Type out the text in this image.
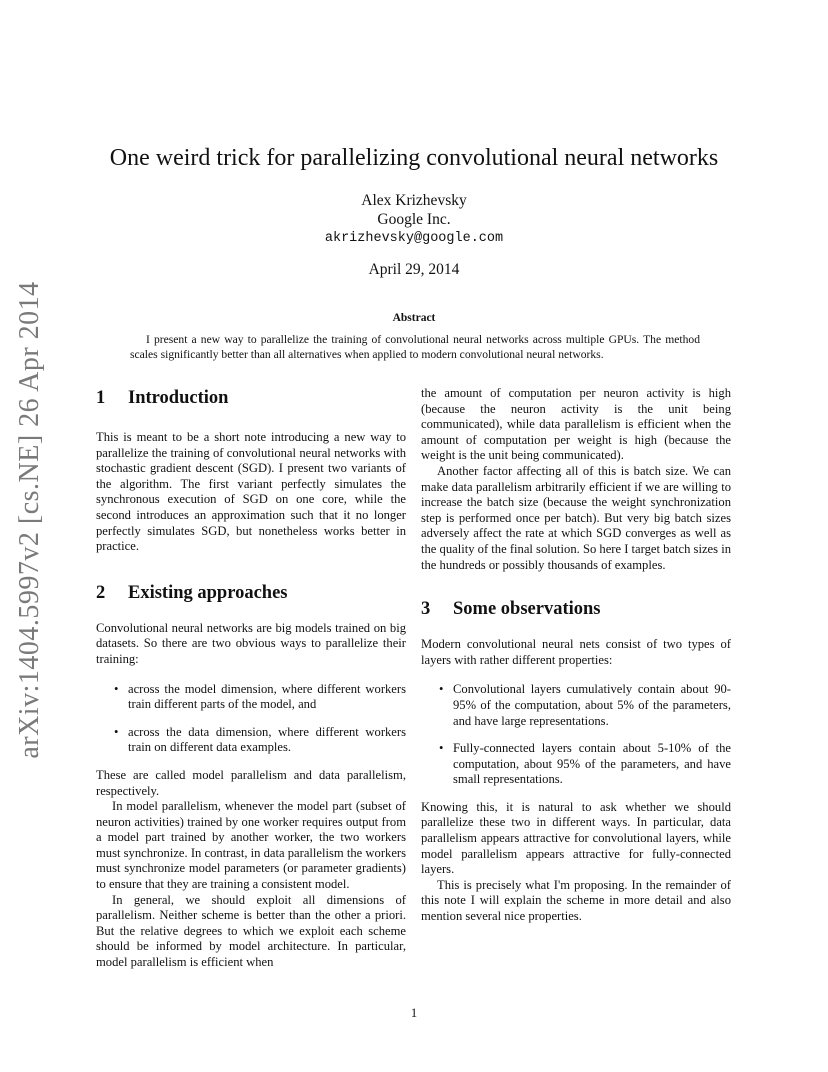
arXiv:1404.5997v2 [cs.NE] 26 Apr 2014
One weird trick for parallelizing convolutional neural networks
Alex Krizhevsky
Google Inc.
akrizhevsky@google.com
April 29, 2014
Abstract

I present a new way to parallelize the training of convolutional neural networks across multiple GPUs. The method scales significantly better than all alternatives when applied to modern convolutional neural networks.

1	Introduction

This is meant to be a short note introducing a new way to parallelize the training of convolutional neural networks with stochastic gradient descent (SGD). I present two variants of the algorithm. The first variant perfectly simulates the synchronous execution of SGD on one core, while the second introduces an approximation such that it no longer perfectly simulates SGD, but nonetheless works better in practice.

2	Existing approaches

Convolutional neural networks are big models trained on big datasets. So there are two obvious ways to parallelize their training:

• across the model dimension, where different workers train different parts of the model, and
• across the data dimension, where different workers train on different data examples.

These are called model parallelism and data parallelism, respectively.

In model parallelism, whenever the model part (subset of neuron activities) trained by one worker requires output from a model part trained by another worker, the two workers must synchronize. In contrast, in data parallelism the workers must synchronize model parameters (or parameter gradients) to ensure that they are training a consistent model.

In general, we should exploit all dimensions of parallelism. Neither scheme is better than the other a priori. But the relative degrees to which we exploit each scheme should be informed by model architecture. In particular, model parallelism is efficient when

the amount of computation per neuron activity is high (because the neuron activity is the unit being communicated), while data parallelism is efficient when the amount of computation per weight is high (because the weight is the unit being communicated).

Another factor affecting all of this is batch size. We can make data parallelism arbitrarily efficient if we are willing to increase the batch size (because the weight synchronization step is performed once per batch). But very big batch sizes adversely affect the rate at which SGD converges as well as the quality of the final solution. So here I target batch sizes in the hundreds or possibly thousands of examples.

3	Some observations

Modern convolutional neural nets consist of two types of layers with rather different properties:

• Convolutional layers cumulatively contain about 90-95% of the computation, about 5% of the parameters, and have large representations.
• Fully-connected layers contain about 5-10% of the computation, about 95% of the parameters, and have small representations.

Knowing this, it is natural to ask whether we should parallelize these two in different ways. In particular, data parallelism appears attractive for convolutional layers, while model parallelism appears attractive for fully-connected layers.

This is precisely what I'm proposing. In the remainder of this note I will explain the scheme in more detail and also mention several nice properties.

1
